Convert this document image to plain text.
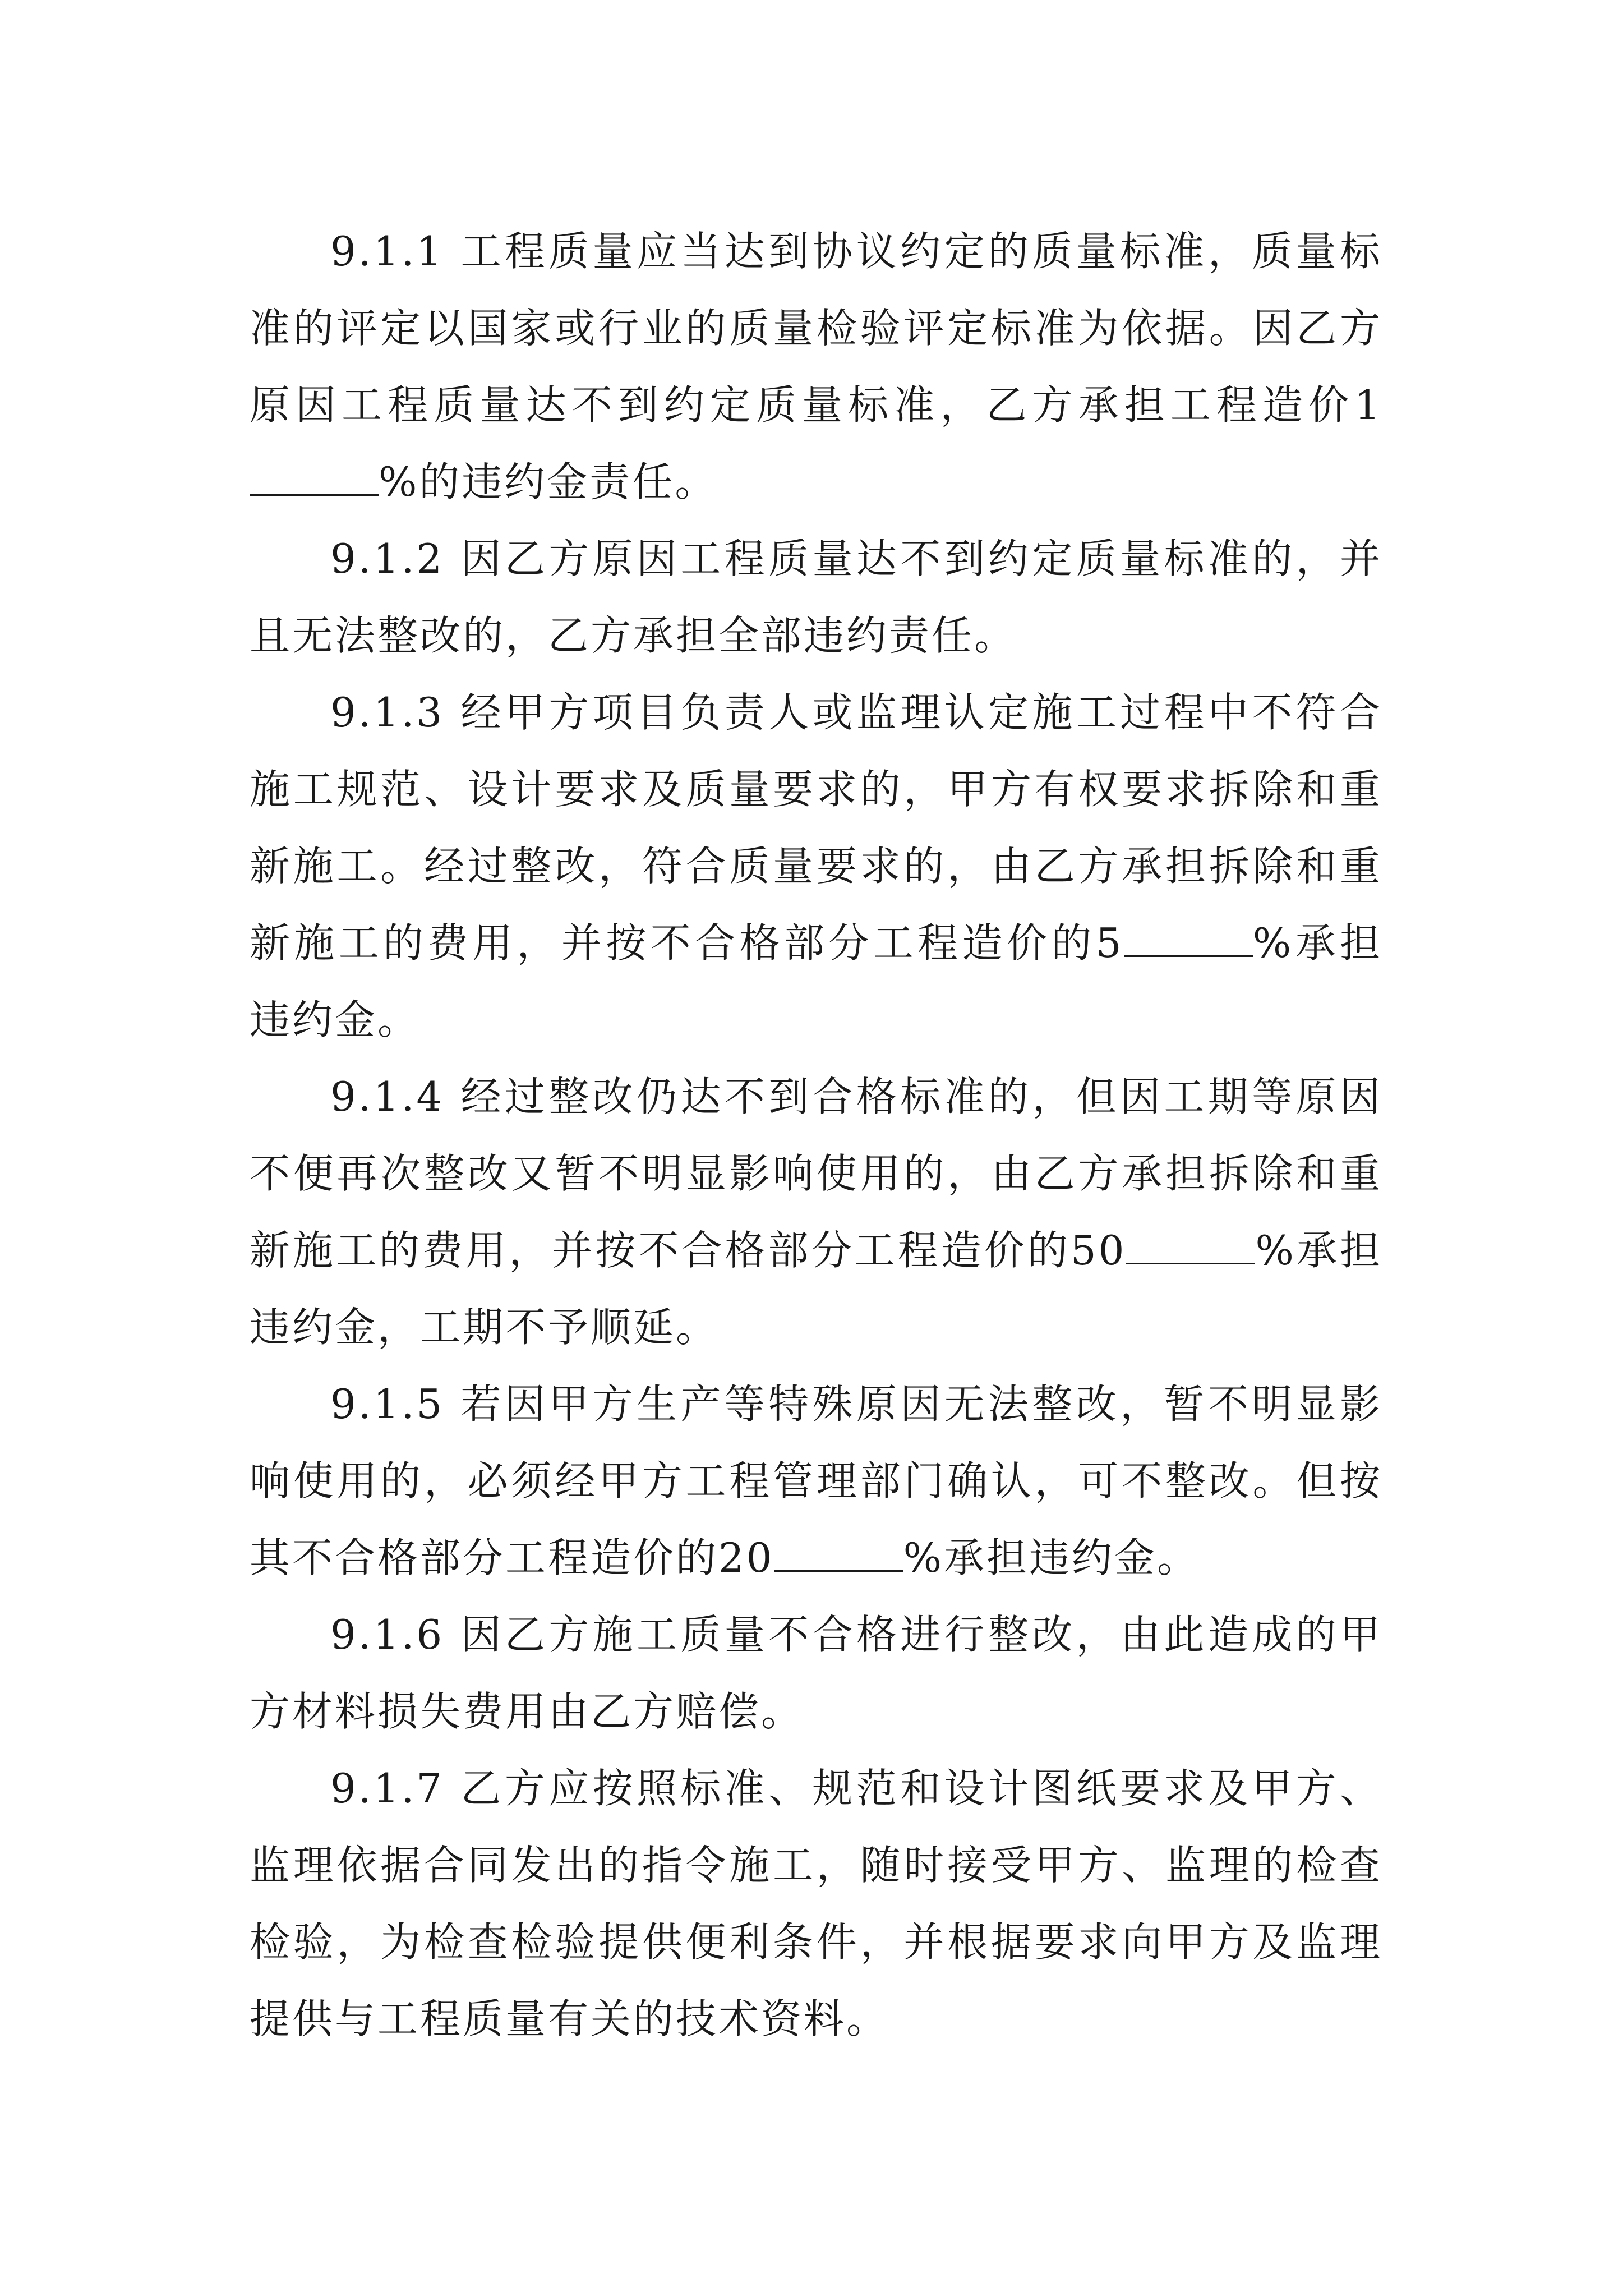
9.1.1 工程质量应当达到协议约定的质量标准，质量标准的评定以国家或行业的质量检验评定标准为依据。因乙方原因工程质量达不到约定质量标准，乙方承担工程造价1%的违约金责任。

9.1.2 因乙方原因工程质量达不到约定质量标准的，并且无法整改的，乙方承担全部违约责任。

9.1.3 经甲方项目负责人或监理认定施工过程中不符合施工规范、设计要求及质量要求的，甲方有权要求拆除和重新施工。经过整改，符合质量要求的，由乙方承担拆除和重新施工的费用，并按不合格部分工程造价的5	%承担违约金。

9.1.4 经过整改仍达不到合格标准的，但因工期等原因不便再次整改又暂不明显影响使用的，由乙方承担拆除和重新施工的费用，并按不合格部分工程造价的50	%承担违约金，工期不予顺延。

9.1.5 若因甲方生产等特殊原因无法整改，暂不明显影响使用的，必须经甲方工程管理部门确认，可不整改。但按其不合格部分工程造价的20	%承担违约金。

9.1.6 因乙方施工质量不合格进行整改，由此造成的甲方材料损失费用由乙方赔偿。

9.1.7 乙方应按照标准、规范和设计图纸要求及甲方、监理依据合同发出的指令施工，随时接受甲方、监理的检查检验，为检查检验提供便利条件，并根据要求向甲方及监理提供与工程质量有关的技术资料。
